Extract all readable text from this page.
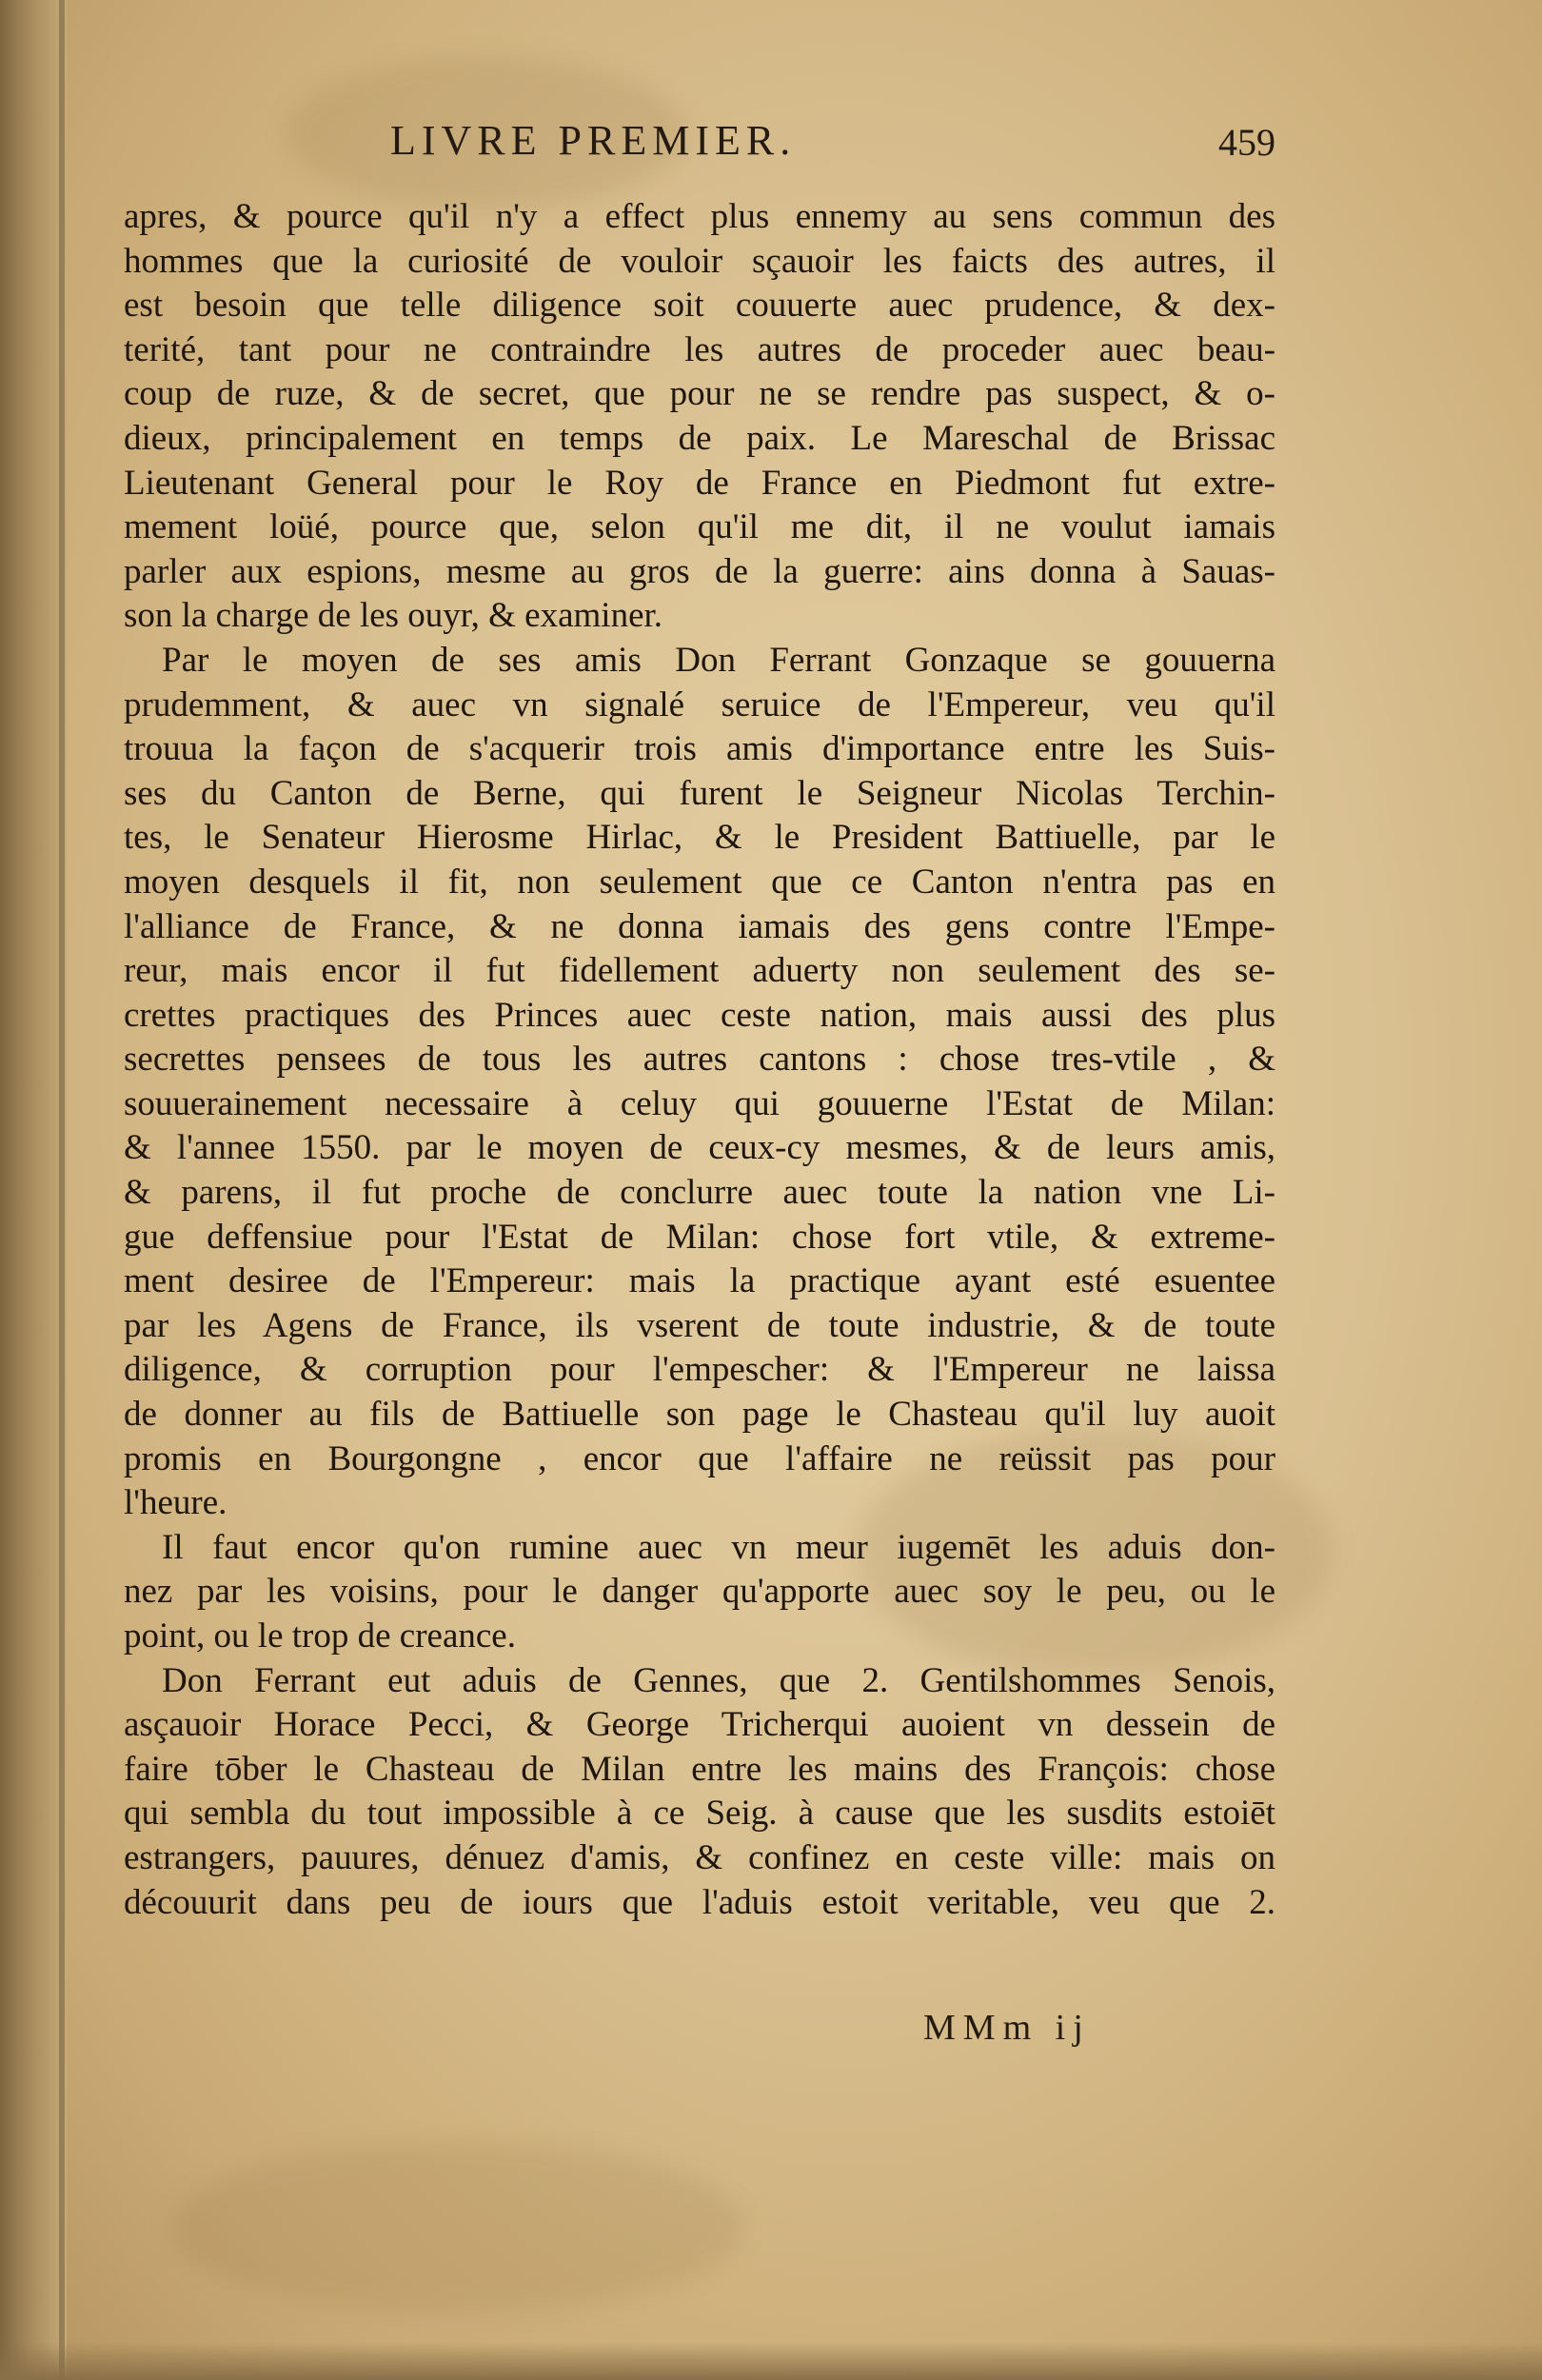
LIVRE PREMIER.	459
apres, & pource qu'il n'y a effect plus ennemy au sens commun des
hommes que la curiosité de vouloir sçauoir les faicts des autres, il
est besoin que telle diligence soit couuerte auec prudence, & dex-
terité, tant pour ne contraindre les autres de proceder auec beau-
coup de ruze, & de secret, que pour ne se rendre pas suspect, & o-
dieux, principalement en temps de paix. Le Mareschal de Brissac
Lieutenant General pour le Roy de France en Piedmont fut extre-
mement loüé, pource que, selon qu'il me dit, il ne voulut iamais
parler aux espions, mesme au gros de la guerre: ains donna à Sauas-
son la charge de les ouyr, & examiner.
Par le moyen de ses amis Don Ferrant Gonzaque se gouuerna
prudemment, & auec vn signalé seruice de l'Empereur, veu qu'il
trouua la façon de s'acquerir trois amis d'importance entre les Suis-
ses du Canton de Berne, qui furent le Seigneur Nicolas Terchin-
tes, le Senateur Hierosme Hirlac, & le President Battiuelle, par le
moyen desquels il fit, non seulement que ce Canton n'entra pas en
l'alliance de France, & ne donna iamais des gens contre l'Empe-
reur, mais encor il fut fidellement aduerty non seulement des se-
crettes practiques des Princes auec ceste nation, mais aussi des plus
secrettes pensees de tous les autres cantons : chose tres-vtile , &
souuerainement necessaire à celuy qui gouuerne l'Estat de Milan:
& l'annee 1550. par le moyen de ceux-cy mesmes, & de leurs amis,
& parens, il fut proche de conclurre auec toute la nation vne Li-
gue deffensiue pour l'Estat de Milan: chose fort vtile, & extreme-
ment desiree de l'Empereur: mais la practique ayant esté esuentee
par les Agens de France, ils vserent de toute industrie, & de toute
diligence, & corruption pour l'empescher: & l'Empereur ne laissa
de donner au fils de Battiuelle son page le Chasteau qu'il luy auoit
promis en Bourgongne , encor que l'affaire ne reüssit pas pour
l'heure.
Il faut encor qu'on rumine auec vn meur iugemēt les aduis don-
nez par les voisins, pour le danger qu'apporte auec soy le peu, ou le
point, ou le trop de creance.
Don Ferrant eut aduis de Gennes, que 2. Gentilshommes Senois,
asçauoir Horace Pecci, & George Tricherqui auoient vn dessein de
faire tōber le Chasteau de Milan entre les mains des François: chose
qui sembla du tout impossible à ce Seig. à cause que les susdits estoiēt
estrangers, pauures, dénuez d'amis, & confinez en ceste ville: mais on
découurit dans peu de iours que l'aduis estoit veritable, veu que 2.
MMm ij
